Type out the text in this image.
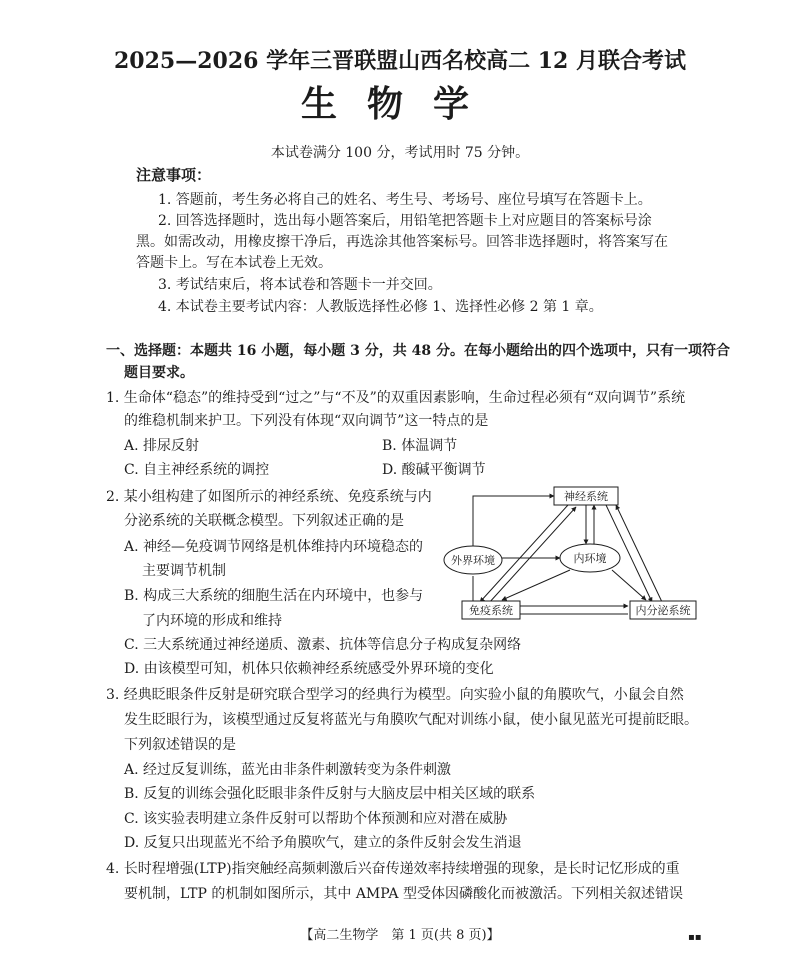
2025—2026 学年三晋联盟山西名校高二 12 月联合考试
生物学
本试卷满分 100 分，考试用时 75 分钟。
注意事项：
1. 答题前，考生务必将自己的姓名、考生号、考场号、座位号填写在答题卡上。
2. 回答选择题时，选出每小题答案后，用铅笔把答题卡上对应题目的答案标号涂
黑。如需改动，用橡皮擦干净后，再选涂其他答案标号。回答非选择题时，将答案写在
答题卡上。写在本试卷上无效。
3. 考试结束后，将本试卷和答题卡一并交回。
4. 本试卷主要考试内容：人教版选择性必修 1、选择性必修 2 第 1 章。
一、选择题：本题共 16 小题，每小题 3 分，共 48 分。在每小题给出的四个选项中，只有一项符合
题目要求。
1. 生命体“稳态”的维持受到“过之”与“不及”的双重因素影响，生命过程必须有“双向调节”系统
的维稳机制来护卫。下列没有体现“双向调节”这一特点的是
A. 排尿反射	B. 体温调节
C. 自主神经系统的调控	D. 酸碱平衡调节
2. 某小组构建了如图所示的神经系统、免疫系统与内
分泌系统的关联概念模型。下列叙述正确的是
A. 神经—免疫调节网络是机体维持内环境稳态的
主要调节机制
B. 构成三大系统的细胞生活在内环境中，也参与
了内环境的形成和维持
C. 三大系统通过神经递质、激素、抗体等信息分子构成复杂网络
D. 由该模型可知，机体只依赖神经系统感受外界环境的变化
神经系统
外界环境	内环境
免疫系统	内分泌系统
3. 经典眨眼条件反射是研究联合型学习的经典行为模型。向实验小鼠的角膜吹气，小鼠会自然
发生眨眼行为，该模型通过反复将蓝光与角膜吹气配对训练小鼠，使小鼠见蓝光可提前眨眼。
下列叙述错误的是
A. 经过反复训练，蓝光由非条件刺激转变为条件刺激
B. 反复的训练会强化眨眼非条件反射与大脑皮层中相关区域的联系
C. 该实验表明建立条件反射可以帮助个体预测和应对潜在威胁
D. 反复只出现蓝光不给予角膜吹气，建立的条件反射会发生消退
4. 长时程增强(LTP)指突触经高频刺激后兴奋传递效率持续增强的现象，是长时记忆形成的重
要机制，LTP 的机制如图所示，其中 AMPA 型受体因磷酸化而被激活。下列相关叙述错误
【高二生物学　第 1 页(共 8 页)】	▪▪
